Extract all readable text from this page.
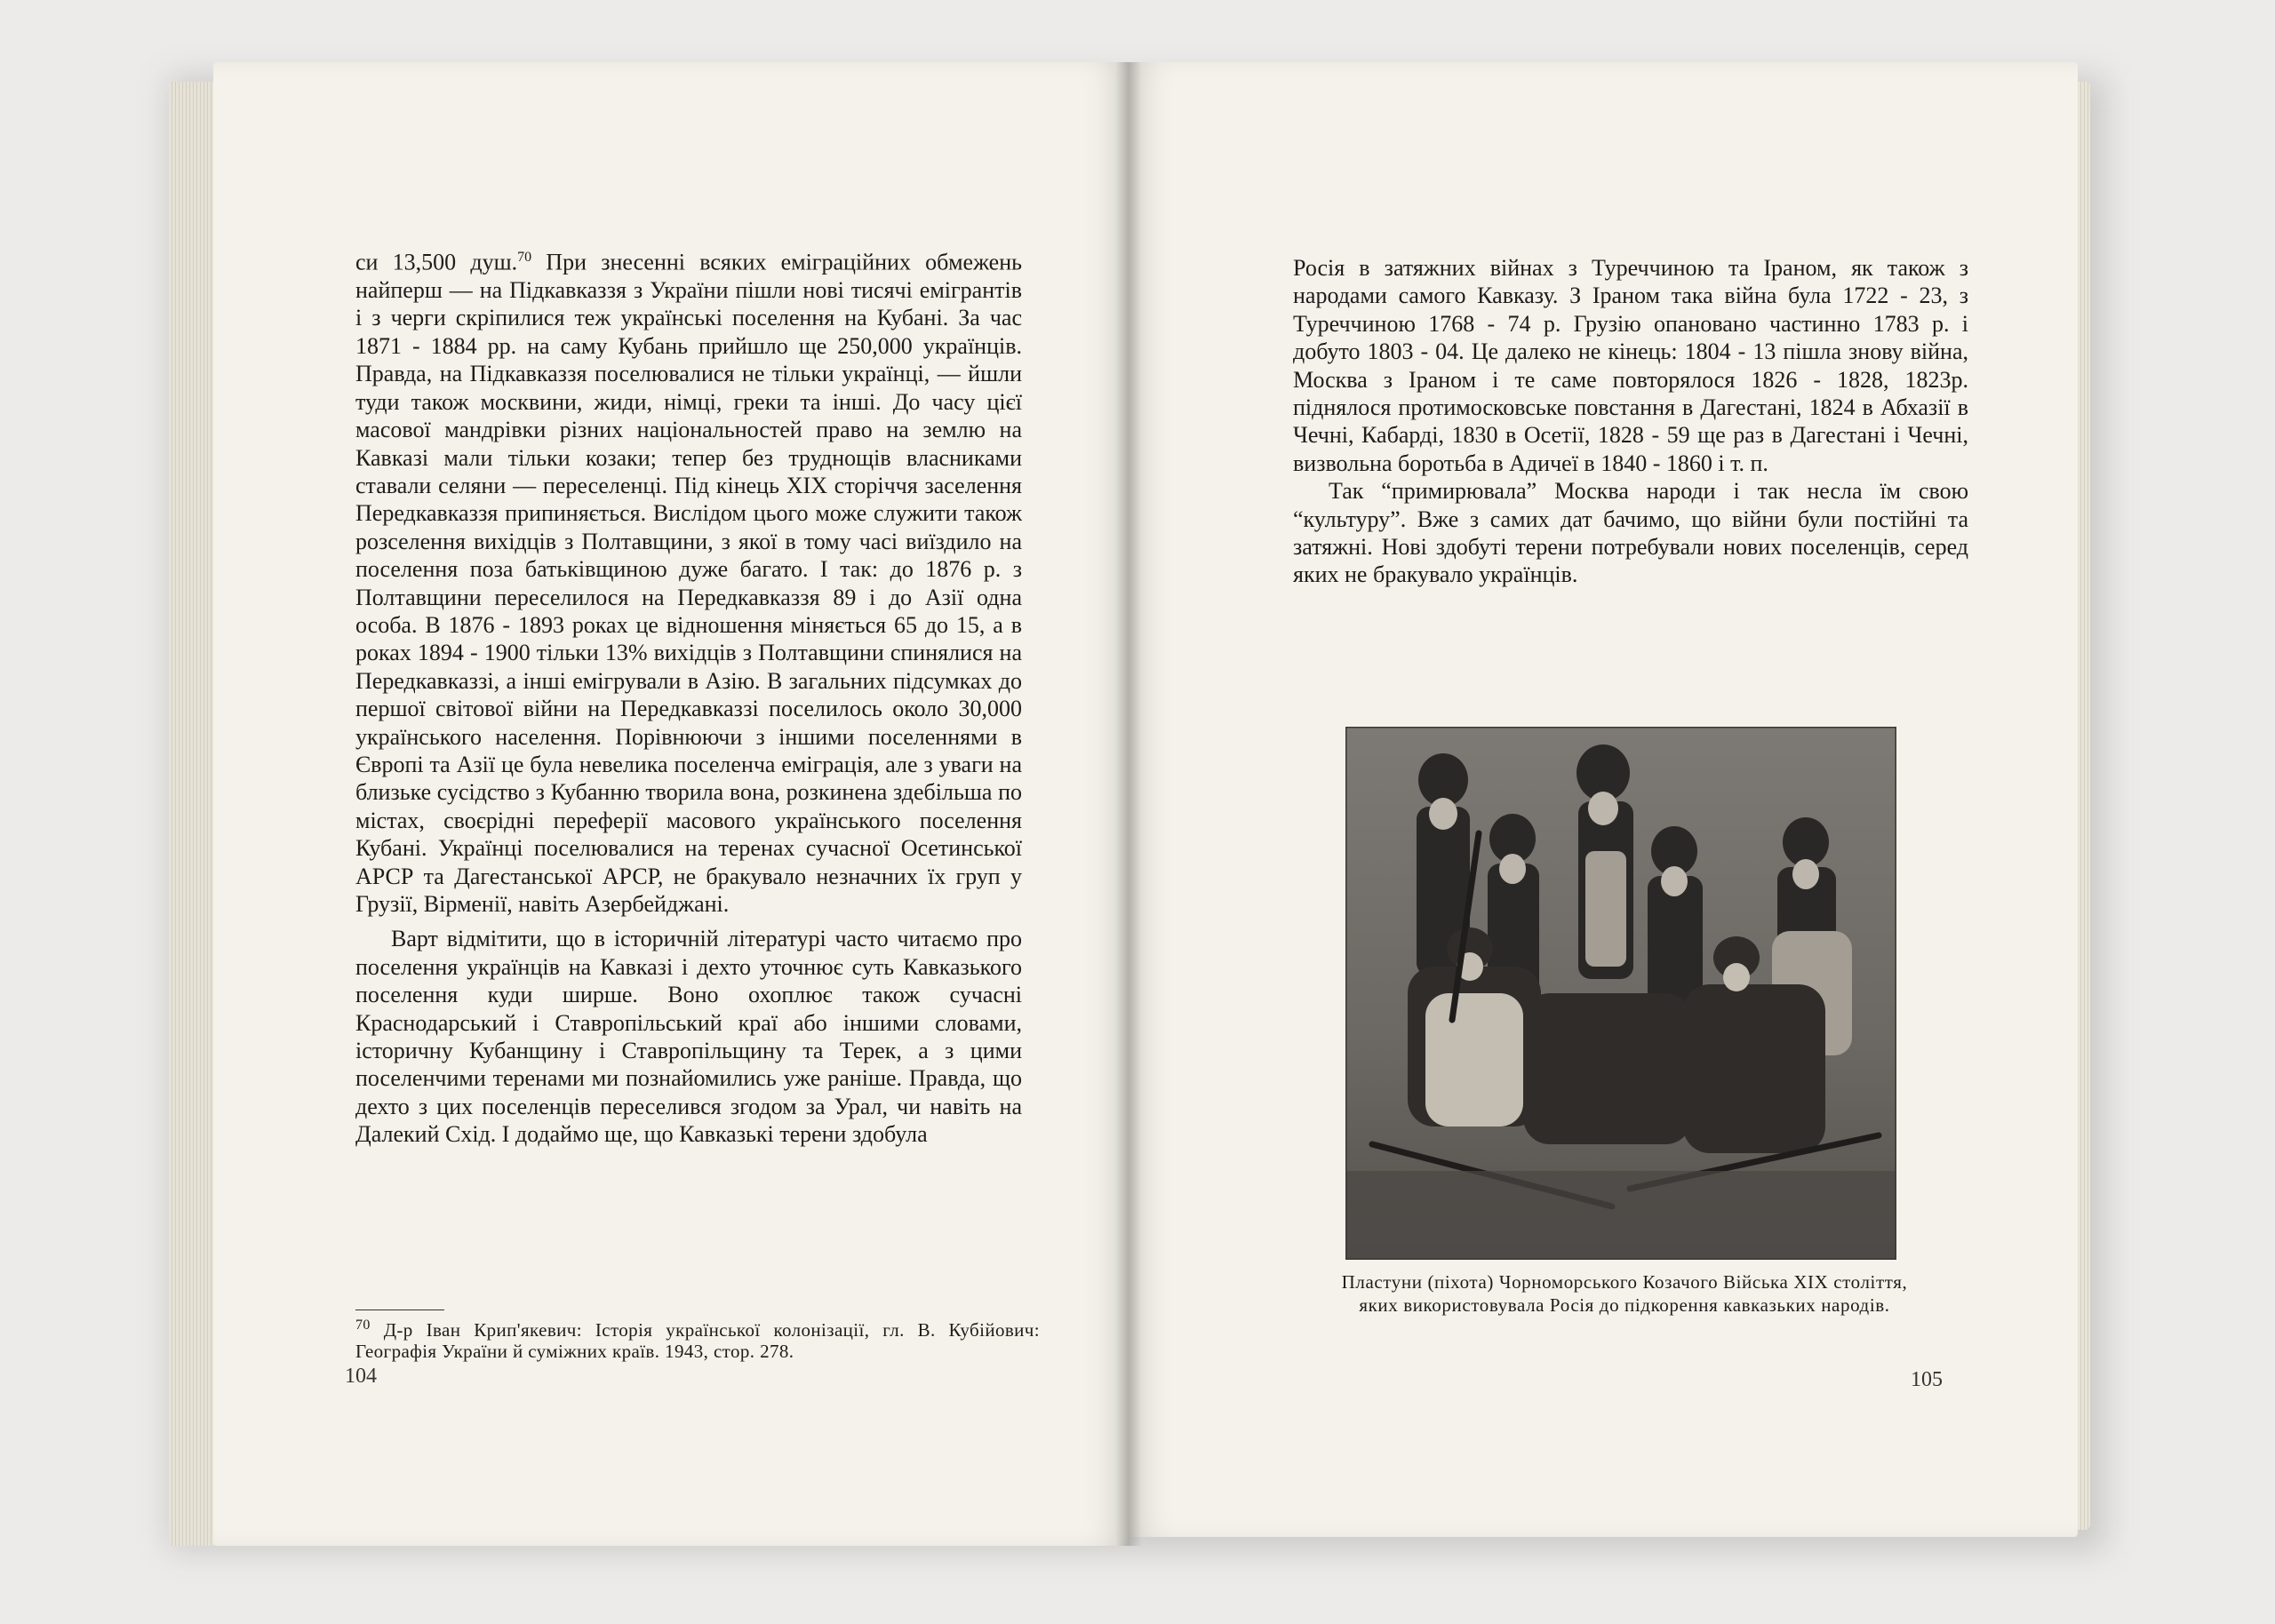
си 13,500 душ.$^{70}$ При знесенні всяких еміграційних обмежень найперш — на Підкавказзя з України пішли нові тисячі емігрантів і з черги скріпилися теж українські поселення на Кубані. За час 1871 - 1884 рр. на саму Кубань прийшло ще 250,000 українців. Правда, на Підкавказзя поселювалися не тільки українці, — йшли туди також москвини, жиди, німці, греки та інші. До часу цієї масової мандрівки різних національностей право на землю на Кавказі мали тільки козаки; тепер без труднощів власниками ставали селяни — переселенці. Під кінець XIX сторіччя заселення Передкавказзя припиняється. Вислідом цього може служити також розселення вихідців з Полтавщини, з якої в тому часі виїздило на поселення поза батьківщиною дуже багато. І так: до 1876 р. з Полтавщини переселилося на Передкавказзя 89 і до Азії одна особа. В 1876 - 1893 роках це відношення міняється 65 до 15, а в роках 1894 - 1900 тільки 13% вихідців з Полтавщини спинялися на Передкавказзі, а інші емігрували в Азію. В загальних підсумках до першої світової війни на Передкавказзі поселилось около 30,000 українського населення. Порівнюючи з іншими поселеннями в Європі та Азії це була невелика поселенча еміграція, але з уваги на близьке сусідство з Кубанню творила вона, розкинена здебільша по містах, своєрідні переферії масового українського поселення Кубані. Українці поселювалися на теренах сучасної Осетинської АРСР та Дагестанської АРСР, не бракувало незначних їх груп у Грузії, Вірменії, навіть Азербейджані.

Варт відмітити, що в історичній літературі часто читаємо про поселення українців на Кавказі і дехто уточнює суть Кавказького поселення куди ширше. Воно охоплює також сучасні Краснодарський і Ставропільський краї або іншими словами, історичну Кубанщину і Ставропільщину та Терек, а з цими поселенчими теренами ми познайомились уже раніше. Правда, що дехто з цих поселенців переселився згодом за Урал, чи навіть на Далекий Схід. І додаймо ще, що Кавказькі терени здобула

$^{70}$ Д-р Іван Крип'якевич: Історія української колонізації, гл. В. Кубійович: Географія України й суміжних країв. 1943, стор. 278.
104

Росія в затяжних війнах з Туреччиною та Іраном, як також з народами самого Кавказу. З Іраном така війна була 1722 - 23, з Туреччиною 1768 - 74 р. Грузію опановано частинно 1783 р. і добуто 1803 - 04. Це далеко не кінець: 1804 - 13 пішла знову війна, Москва з Іраном і те саме повторялося 1826 - 1828, 1823р. піднялося протимосковське повстання в Дагестані, 1824 в Абхазії в Чечні, Кабарді, 1830 в Осетії, 1828 - 59 ще раз в Дагестані і Чечні, визвольна боротьба в Адичеї в 1840 - 1860 і т. п.

Так “примирювала” Москва народи і так несла їм свою “культуру”. Вже з самих дат бачимо, що війни були постійні та затяжні. Нові здобуті терени потребували нових поселенців, серед яких не бракувало українців.

Пластуни (піхота) Чорноморського Козачого Війська XIX століття, яких використовувала Росія до підкорення кавказьких народів.
105
